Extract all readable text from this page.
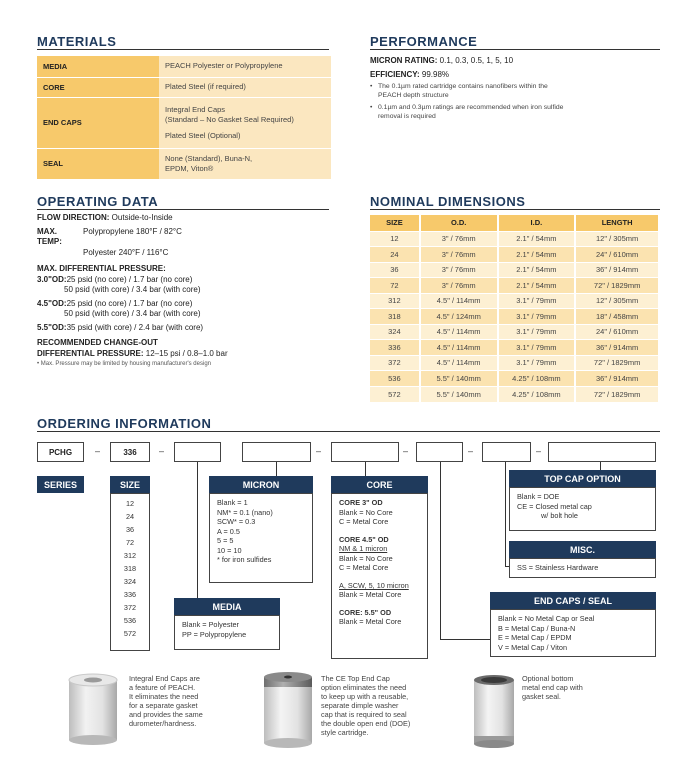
MATERIALS
MEDIA	PEACH Polyester or Polypropylene

CORE	Plated Steel (if required)

END CAPS	Integral End Caps
(Standard – No Gasket Seal Required)
Plated Steel (Optional)

SEAL	None (Standard), Buna-N,
EPDM, Viton®
PERFORMANCE

MICRON RATING: 0.1, 0.3, 0.5, 1, 5, 10

EFFICIENCY: 99.98%

• The 0.1µm rated cartridge contains nanofibers within the
PEACH depth structure
• 0.1µm and 0.3µm ratings are recommended when iron sulfide
removal is required
OPERATING DATA
FLOW DIRECTION: Outside-to-Inside
MAX. TEMP:
Polypropylene 180°F / 82°C
Polyester 240°F / 116°C
MAX. DIFFERENTIAL PRESSURE:
3.0"OD: 25 psid (no core) / 1.7 bar (no core)
50 psid (with core) / 3.4 bar (with core)
4.5"OD: 25 psid (no core) / 1.7 bar (no core)
50 psid (with core) / 3.4 bar (with core)
5.5"OD: 35 psid (with core) / 2.4 bar (with core)
RECOMMENDED CHANGE-OUT
DIFFERENTIAL PRESSURE: 12–15 psi / 0.8–1.0 bar
• Max. Pressure may be limited by housing manufacturer's design
NOMINAL DIMENSIONS
SIZE	O.D.	I.D.	LENGTH
12	3" / 76mm	2.1" / 54mm	12" / 305mm
24	3" / 76mm	2.1" / 54mm	24" / 610mm
36	3" / 76mm	2.1" / 54mm	36" / 914mm
72	3" / 76mm	2.1" / 54mm	72" / 1829mm
312	4.5" / 114mm	3.1" / 79mm	12" / 305mm
318	4.5" / 124mm	3.1" / 79mm	18" / 458mm
324	4.5" / 114mm	3.1" / 79mm	24" / 610mm
336	4.5" / 114mm	3.1" / 79mm	36" / 914mm
372	4.5" / 114mm	3.1" / 79mm	72" / 1829mm
536	5.5" / 140mm	4.25" / 108mm	36" / 914mm
572	5.5" / 140mm	4.25" / 108mm	72" / 1829mm
ORDERING INFORMATION
PCHG	–	336	–	–	–	–	–
SERIES	SIZE
12
24
36
72
312
318
324
336
372
536
572
MEDIA
Blank = Polyester
PP = Polypropylene
MICRON
Blank = 1
NM* = 0.1 (nano)
SCW* = 0.3
A = 0.5
5 = 5
10 = 10
* for iron sulfides
CORE
CORE 3" OD
Blank = No Core
C = Metal Core
CORE 4.5" OD
NM & 1 micron
Blank = No Core
C = Metal Core
A, SCW, 5, 10 micron
Blank = Metal Core
CORE: 5.5" OD
Blank = Metal Core
TOP CAP OPTION
Blank = DOE
CE = Closed metal cap
w/ bolt hole
MISC.
SS = Stainless Hardware
END CAPS / SEAL
Blank = No Metal Cap or Seal
B = Metal Cap / Buna-N
E = Metal Cap / EPDM
V = Metal Cap / Viton
Integral End Caps are
a feature of PEACH.
It eliminates the need
for a separate gasket
and provides the same
durometer/hardness.
The CE Top End Cap
option eliminates the need
to keep up with a reusable,
separate dimple washer
cap that is required to seal
the double open end (DOE)
style cartridge.
Optional bottom
metal end cap with
gasket seal.
